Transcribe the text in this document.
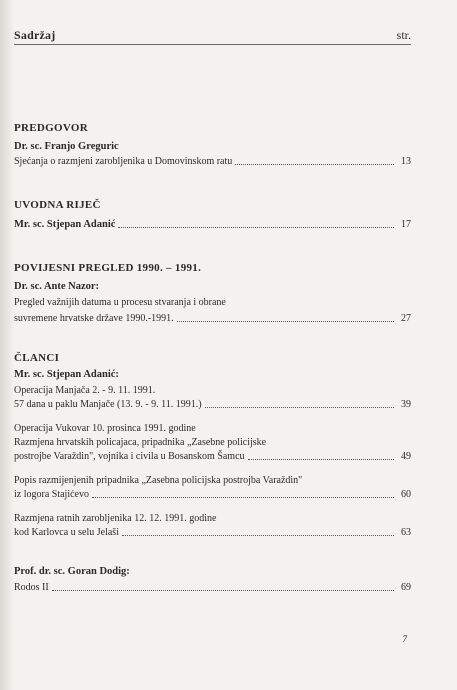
Sadržaj	str.
PREDGOVOR
Dr. sc. Franjo Greguric
Sjećanja o razmjeni zarobljenika u Domovinskom ratu	13
UVODNA RIJEČ
Mr. sc. Stjepan Adanić	17
POVIJESNI PREGLED 1990. – 1991.
Dr. sc. Ante Nazor:
Pregled važnijih datuma u procesu stvaranja i obrane
suvremene hrvatske države 1990.-1991.	27
ČLANCI
Mr. sc. Stjepan Adanić:
Operacija Manjača 2. - 9. 11. 1991.
57 dana u paklu Manjače (13. 9. - 9. 11. 1991.)	39
Operacija Vukovar 10. prosinca 1991. godine
Razmjena hrvatskih policajaca, pripadnika „Zasebne policijske
postrojbe Varaždin", vojnika i civila u Bosanskom Šamcu	49
Popis razmijenjenih pripadnika „Zasebna policijska postrojba Varaždin"
iz logora Stajićevo	60
Razmjena ratnih zarobljenika 12. 12. 1991. godine
kod Karlovca u selu Jelaši	63
Prof. dr. sc. Goran Dodig:
Rodos II	69
7
